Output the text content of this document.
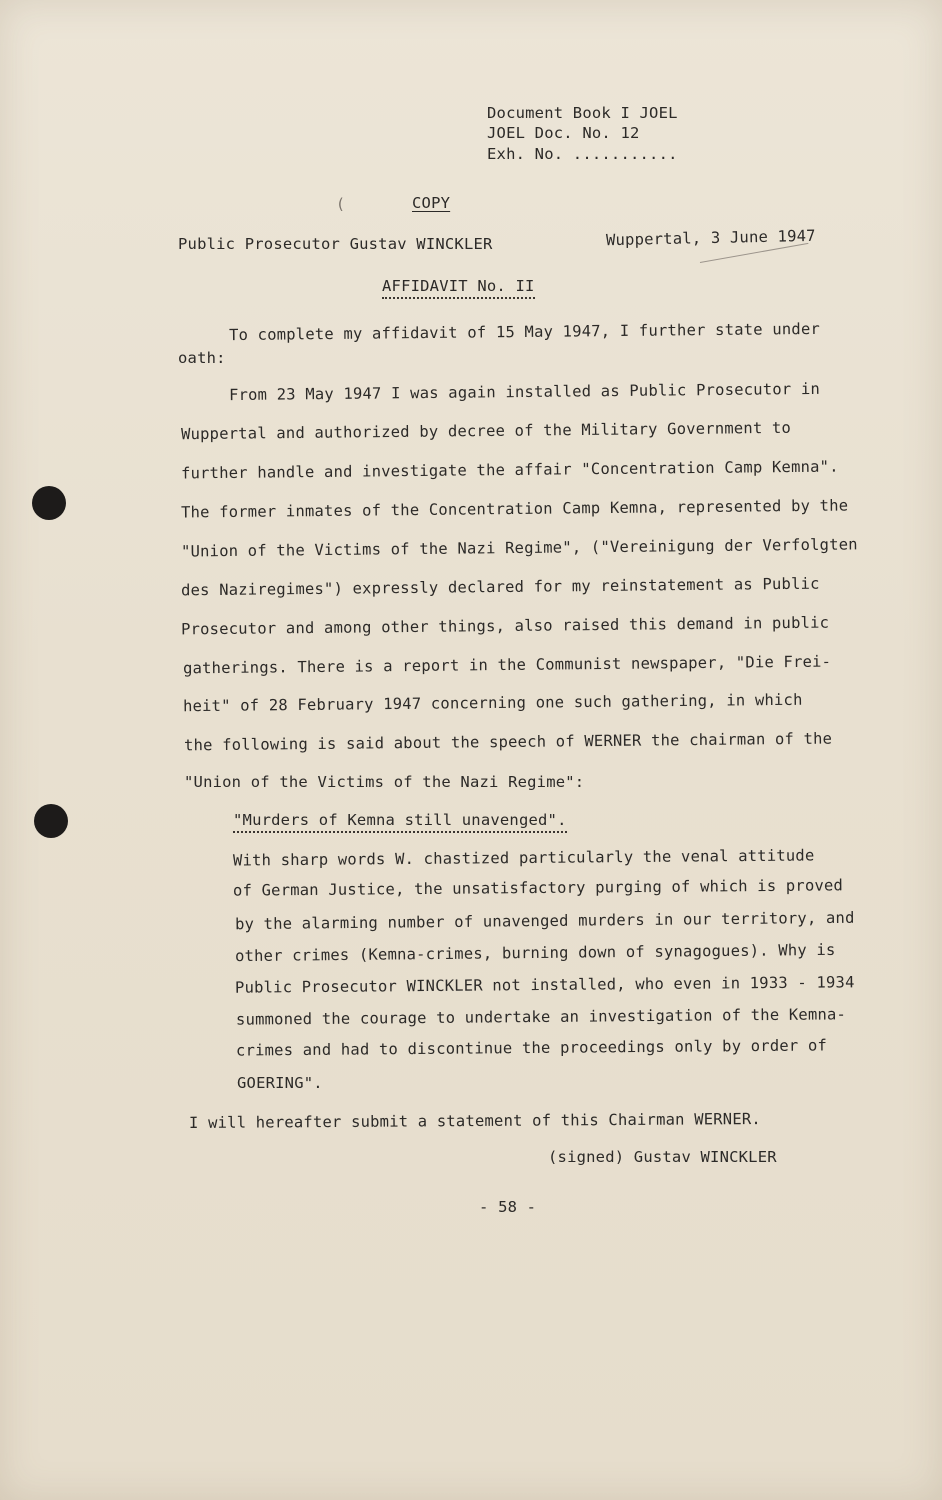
Document Book I JOEL
JOEL Doc. No. 12
Exh. No. ...........
(	COPY
Public Prosecutor Gustav WINCKLER	Wuppertal, 3 June 1947
AFFIDAVIT No. II
To complete my affidavit of 15 May 1947, I further state under
oath:
From 23 May 1947 I was again installed as Public Prosecutor in
Wuppertal and authorized by decree of the Military Government to
further handle and investigate the affair "Concentration Camp Kemna".
The former inmates of the Concentration Camp Kemna, represented by the
"Union of the Victims of the Nazi Regime", ("Vereinigung der Verfolgten
des Naziregimes") expressly declared for my reinstatement as Public
Prosecutor and among other things, also raised this demand in public
gatherings. There is a report in the Communist newspaper, "Die Frei-
heit" of 28 February 1947 concerning one such gathering, in which
the following is said about the speech of WERNER the chairman of the
"Union of the Victims of the Nazi Regime":
"Murders of Kemna still unavenged".
With sharp words W. chastized particularly the venal attitude
of German Justice, the unsatisfactory purging of which is proved
by the alarming number of unavenged murders in our territory, and
other crimes (Kemna-crimes, burning down of synagogues). Why is
Public Prosecutor WINCKLER not installed, who even in 1933 - 1934
summoned the courage to undertake an investigation of the Kemna-
crimes and had to discontinue the proceedings only by order of
GOERING".
I will hereafter submit a statement of this Chairman WERNER.
(signed) Gustav WINCKLER
- 58 -
